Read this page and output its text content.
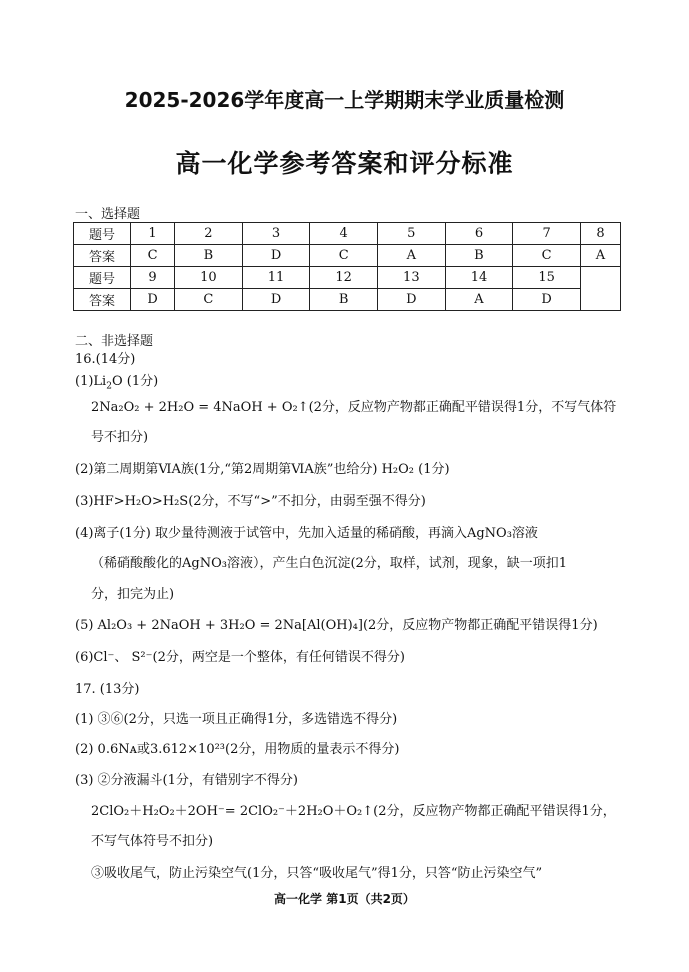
2025-2026学年度高一上学期期末学业质量检测
高一化学参考答案和评分标准
一、选择题
题号	1	2	3	4	5	6	7	8
答案	C	B	D	C	A	B	C	A
题号	9	10	11	12	13	14	15	
答案	D	C	D	B	D	A	D	
二、非选择题
16.(14分)
$(1)Li_2O$ (1分)
2Na₂O₂ + 2H₂O = 4NaOH + O₂↑(2分，反应物产物都正确配平错误得1分，不写气体符
号不扣分)
(2)第二周期第ⅥA族(1分,“第2周期第ⅥA族”也给分) H₂O₂ (1分)
(3)HF>H₂O>H₂S(2分，不写“>”不扣分，由弱至强不得分)
(4)离子(1分) 取少量待测液于试管中，先加入适量的稀硝酸，再滴入AgNO₃溶液
（稀硝酸酸化的AgNO₃溶液），产生白色沉淀(2分，取样，试剂，现象，缺一项扣1
分，扣完为止)
(5) Al₂O₃ + 2NaOH + 3H₂O = 2Na[Al(OH)₄](2分，反应物产物都正确配平错误得1分)
(6)Cl⁻、 S²⁻(2分，两空是一个整体，有任何错误不得分)
17. (13分)
(1) ③⑥(2分，只选一项且正确得1分，多选错选不得分)
(2) 0.6Nᴀ或3.612×10²³(2分，用物质的量表示不得分)
(3) ②分液漏斗(1分，有错别字不得分)
2ClO₂＋H₂O₂＋2OH⁻= 2ClO₂⁻＋2H₂O＋O₂↑(2分，反应物产物都正确配平错误得1分，
不写气体符号不扣分)
③吸收尾气，防止污染空气(1分，只答“吸收尾气”得1分，只答“防止污染空气”
高一化学 第1页（共2页）
